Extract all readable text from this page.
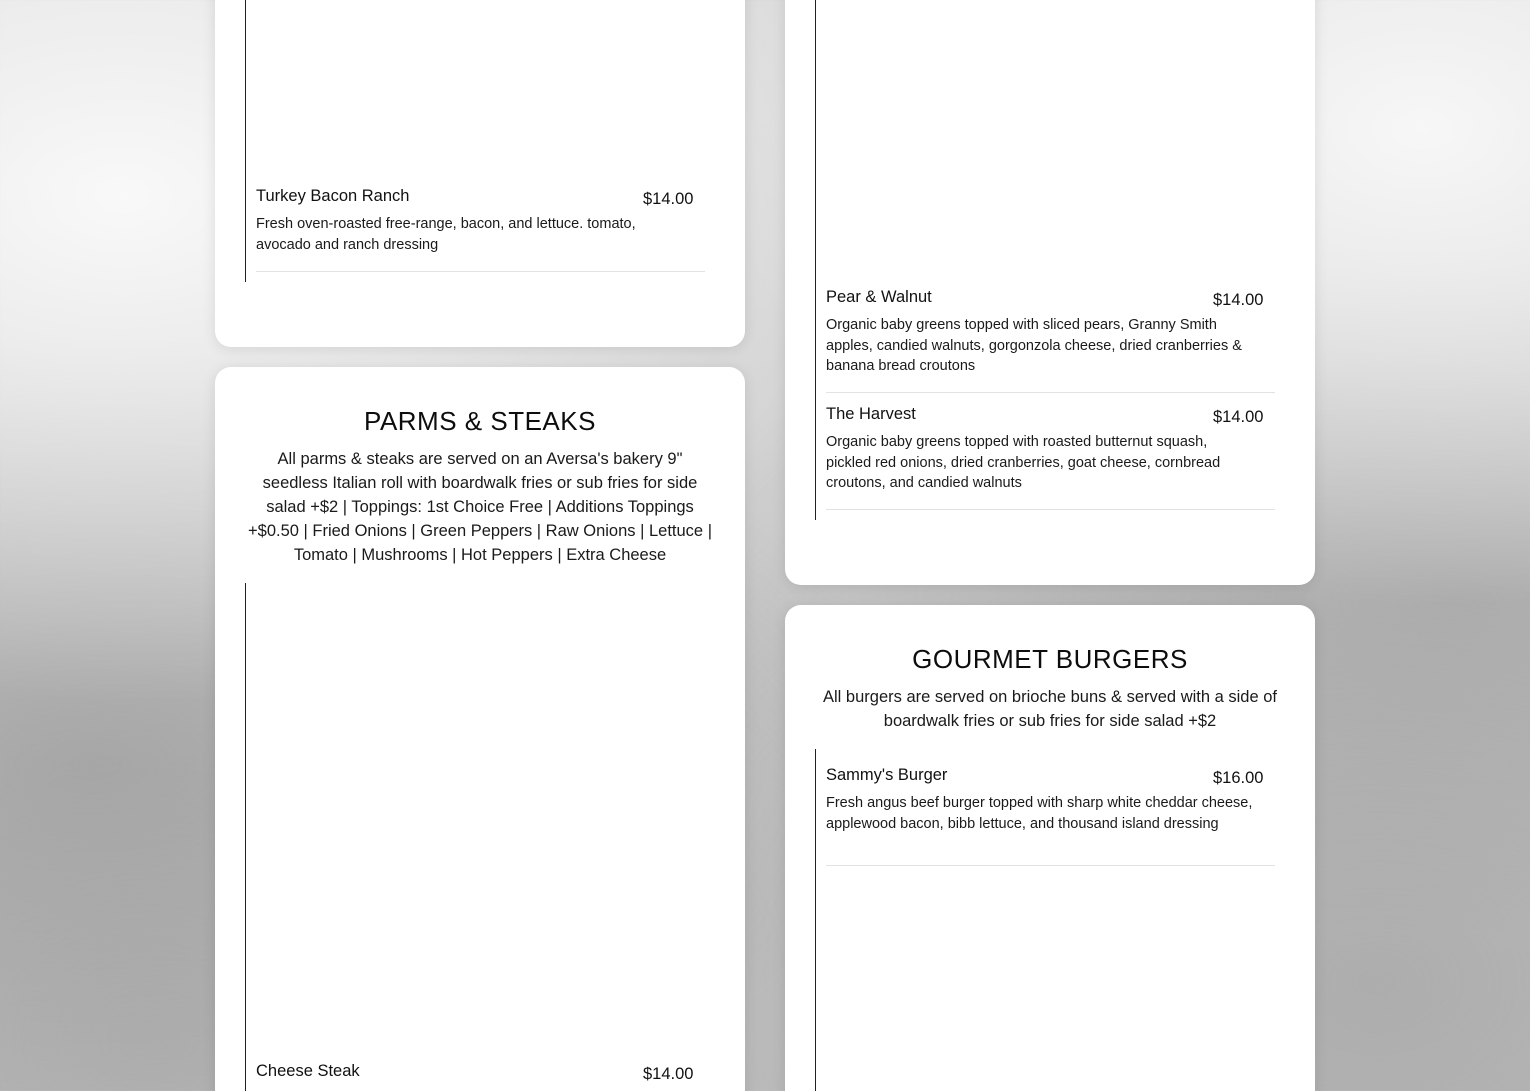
Turkey Bacon Ranch	$14.00
Fresh oven-roasted free-range, bacon, and lettuce. tomato, avocado and ranch dressing
PARMS & STEAKS
All parms & steaks are served on an Aversa's bakery 9" seedless Italian roll with boardwalk fries or sub fries for side salad +$2 | Toppings: 1st Choice Free | Additions Toppings +$0.50 | Fried Onions | Green Peppers | Raw Onions | Lettuce | Tomato | Mushrooms | Hot Peppers | Extra Cheese
Cheese Steak	$14.00
Pear & Walnut	$14.00
Organic baby greens topped with sliced pears, Granny Smith apples, candied walnuts, gorgonzola cheese, dried cranberries & banana bread croutons
The Harvest	$14.00
Organic baby greens topped with roasted butternut squash, pickled red onions, dried cranberries, goat cheese, cornbread croutons, and candied walnuts
GOURMET BURGERS
All burgers are served on brioche buns & served with a side of boardwalk fries or sub fries for side salad +$2
Sammy's Burger	$16.00
Fresh angus beef burger topped with sharp white cheddar cheese, applewood bacon, bibb lettuce, and thousand island dressing
